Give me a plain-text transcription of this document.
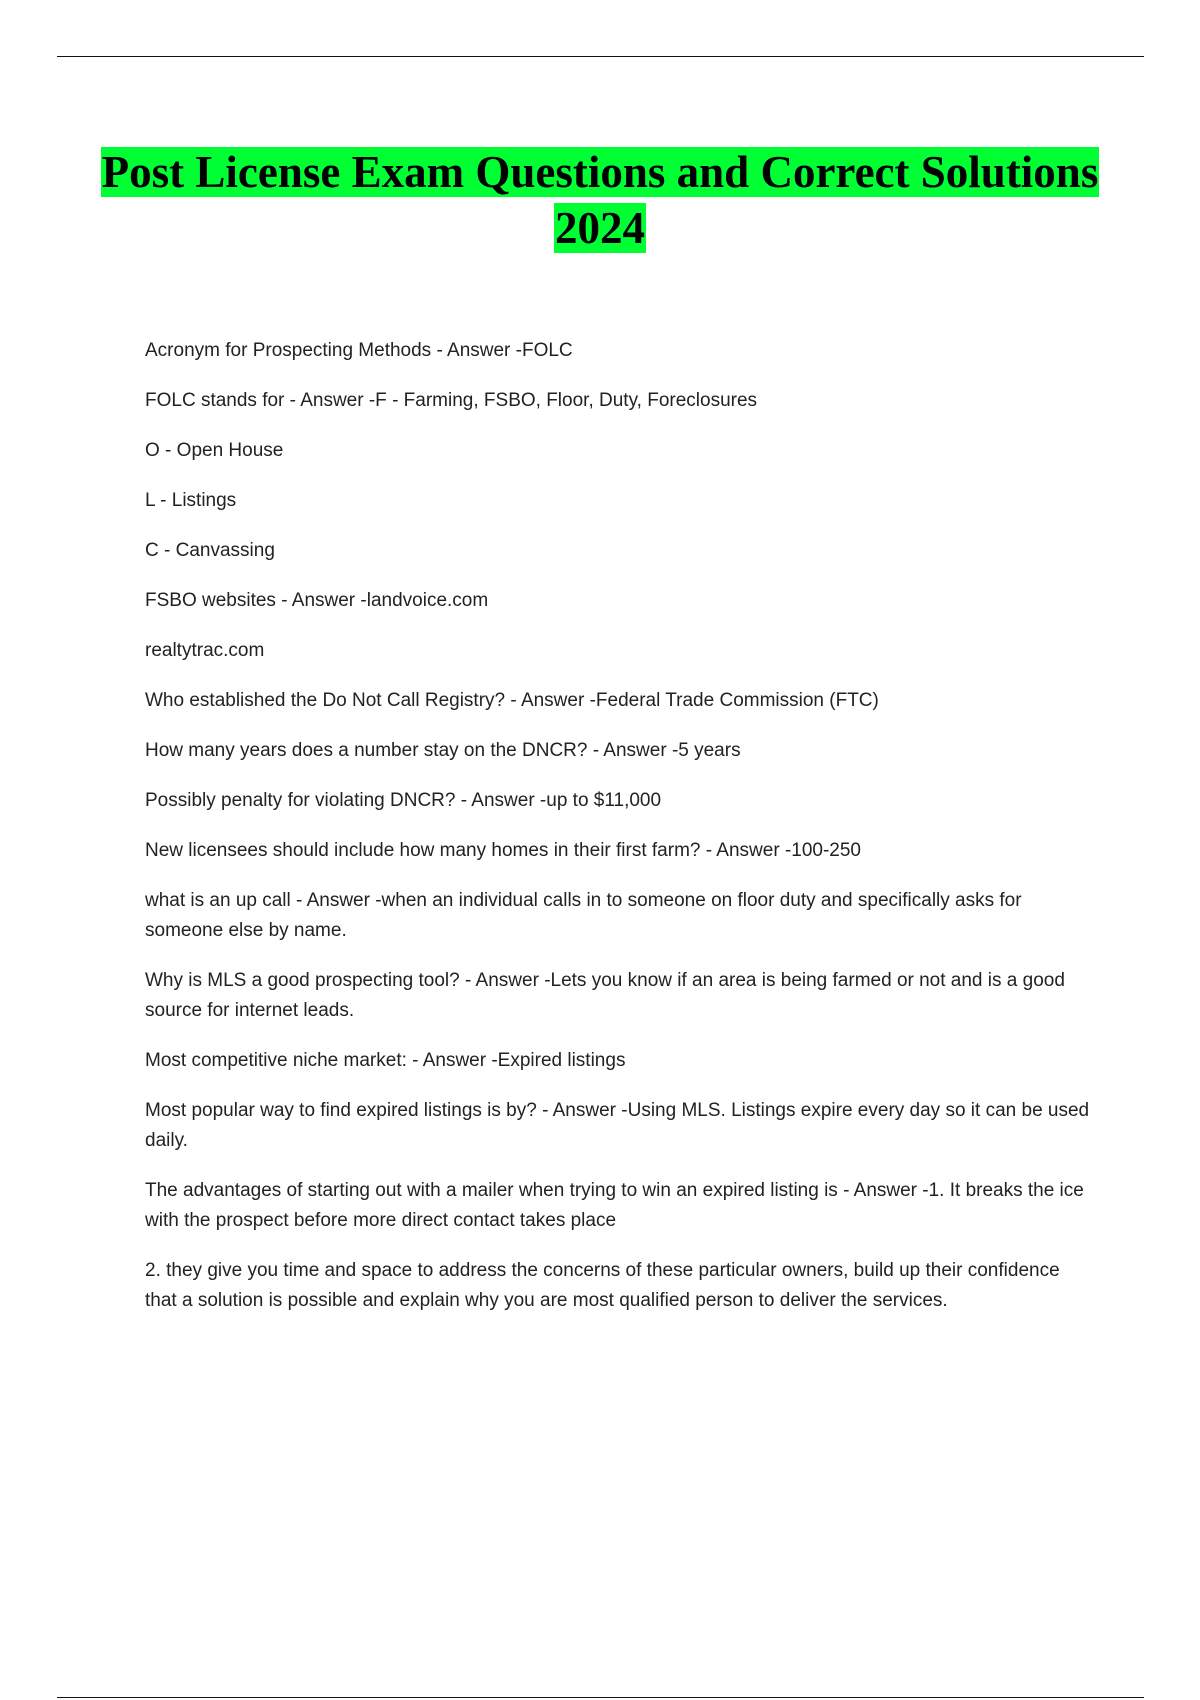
Post License Exam Questions and Correct Solutions 2024

Acronym for Prospecting Methods - Answer -FOLC

FOLC stands for - Answer -F - Farming, FSBO, Floor, Duty, Foreclosures

O - Open House

L - Listings

C - Canvassing

FSBO websites - Answer -landvoice.com

realtytrac.com

Who established the Do Not Call Registry? - Answer -Federal Trade Commission (FTC)

How many years does a number stay on the DNCR? - Answer -5 years

Possibly penalty for violating DNCR? - Answer -up to $11,000

New licensees should include how many homes in their first farm? - Answer -100-250

what is an up call - Answer -when an individual calls in to someone on floor duty and specifically asks for someone else by name.

Why is MLS a good prospecting tool? - Answer -Lets you know if an area is being farmed or not and is a good source for internet leads.

Most competitive niche market: - Answer -Expired listings

Most popular way to find expired listings is by? - Answer -Using MLS. Listings expire every day so it can be used daily.

The advantages of starting out with a mailer when trying to win an expired listing is - Answer -1. It breaks the ice with the prospect before more direct contact takes place

2. they give you time and space to address the concerns of these particular owners, build up their confidence that a solution is possible and explain why you are most qualified person to deliver the services.
